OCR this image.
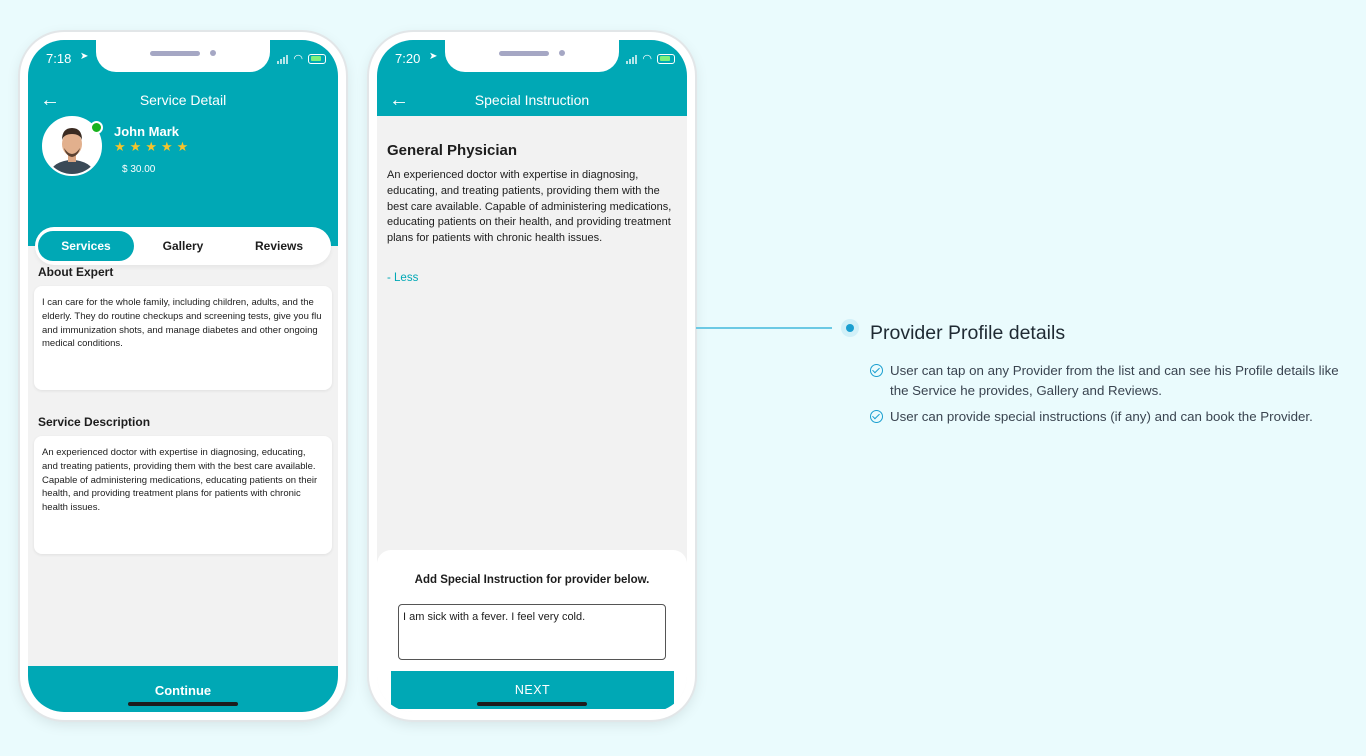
7:18 ➤	◠
←	Service Detail
John Mark
★★★★★
$ 30.00
Services	Gallery	Reviews
About Expert
I can care for the whole family, including children, adults, and the elderly. They do routine checkups and screening tests, give you flu and immunization shots, and manage diabetes and other ongoing medical conditions.
Service Description
An experienced doctor with expertise in diagnosing, educating, and treating patients, providing them with the best care available. Capable of administering medications, educating patients on their health, and providing treatment plans for patients with chronic health issues.
Continue
7:20 ➤	◠
←	Special Instruction
General Physician
An experienced doctor with expertise in diagnosing, educating, and treating patients, providing them with the best care available. Capable of administering medications, educating patients on their health, and providing treatment plans for patients with chronic health issues.
- Less
Add Special Instruction for provider below.
I am sick with a fever. I feel very cold.
NEXT
Provider Profile details
User can tap on any Provider from the list and can see his Profile details like the Service he provides, Gallery and Reviews.
User can provide special instructions (if any) and can book the Provider.
